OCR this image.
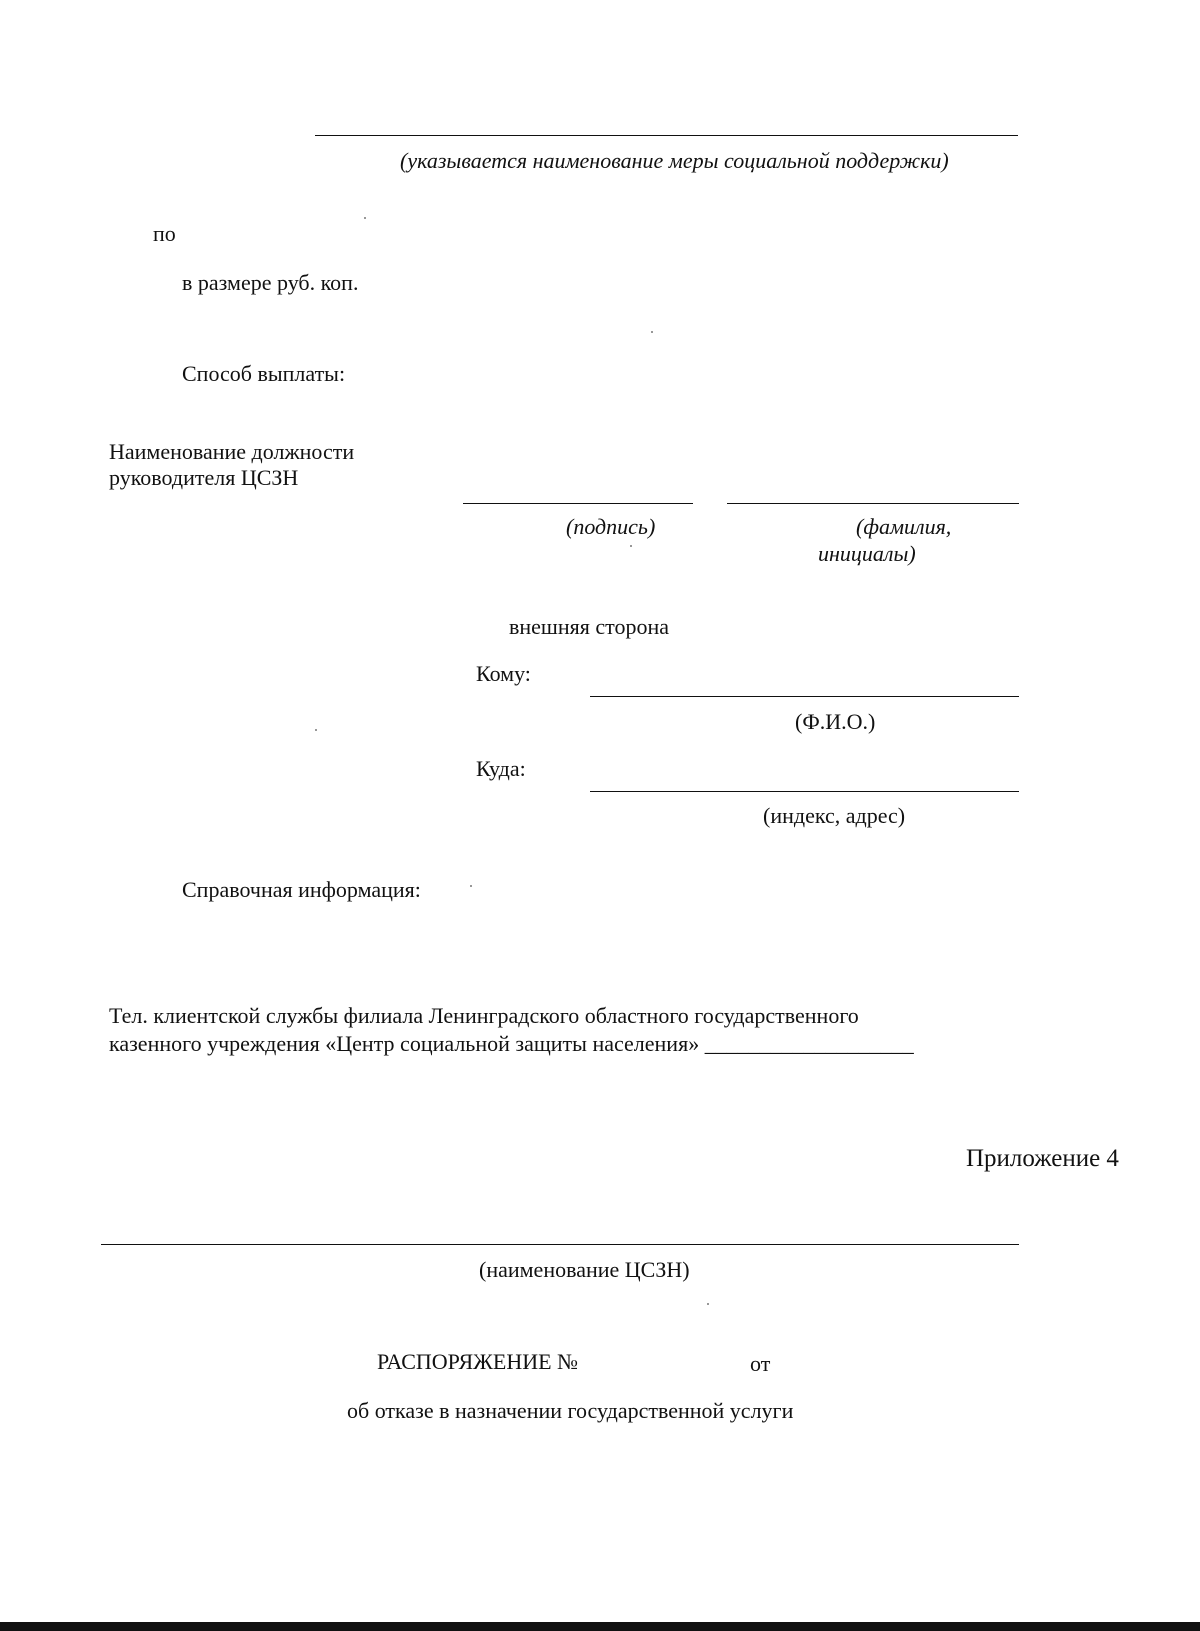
(указывается наименование меры социальной поддержки)
по
в размере руб. коп.
Способ выплаты:
Наименование должности
руководителя ЦСЗН
(подпись)	(фамилия,
инициалы)
внешняя сторона
Кому:
(Ф.И.О.)
Куда:
(индекс, адрес)
Справочная информация:
Тел. клиентской службы филиала Ленинградского областного государственного
казенного учреждения «Центр социальной защиты населения» ___________________
Приложение 4
(наименование ЦСЗН)
РАСПОРЯЖЕНИЕ №	от
об отказе в назначении государственной услуги
